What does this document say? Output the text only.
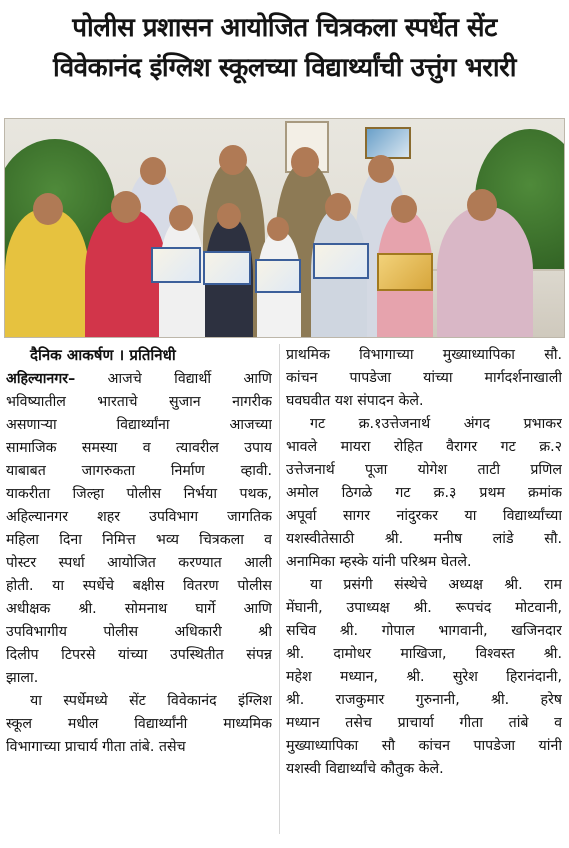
पोलीस प्रशासन आयोजित चित्रकला स्पर्धेत सेंट
विवेकानंद इंग्लिश स्कूलच्या विद्यार्थ्यांची उत्तुंग भरारी
दैनिक आकर्षण । प्रतिनिधी
अहिल्यानगर– आजचे विद्यार्थी आणि
भविष्यातील भारताचे सुजान नागरीक
असणाऱ्या विद्यार्थ्यांना आजच्या
सामाजिक समस्या व त्यावरील उपाय
याबाबत जागरुकता निर्माण व्हावी.
याकरीता जिल्हा पोलीस निर्भया पथक,
अहिल्यानगर शहर उपविभाग जागतिक
महिला दिना निमित्त भव्य चित्रकला व
पोस्टर स्पर्धा आयोजित करण्यात आली
होती. या स्पर्धेचे बक्षीस वितरण पोलीस
अधीक्षक श्री. सोमनाथ घार्गे आणि
उपविभागीय पोलीस अधिकारी श्री
दिलीप टिपरसे यांच्या उपस्थितीत संपन्न
झाला.
या स्पर्धेमध्ये सेंट विवेकानंद इंग्लिश
स्कूल मधील विद्यार्थ्यांनी माध्यमिक
विभागाच्या प्राचार्य गीता तांबे. तसेच
प्राथमिक विभागाच्या मुख्याध्यापिका सौ.
कांचन पापडेजा यांच्या मार्गदर्शनाखाली
घवघवीत यश संपादन केले.
गट क्र.१उत्तेजनार्थ अंगद प्रभाकर
भावले मायरा रोहित वैरागर गट क्र.२
उत्तेजनार्थ पूजा योगेश ताटी प्रणिल
अमोल ठिगळे गट क्र.३ प्रथम क्रमांक
अपूर्वा सागर नांदुरकर या विद्यार्थ्यांच्या
यशस्वीतेसाठी श्री. मनीष लांडे सौ.
अनामिका म्हस्के यांनी परिश्रम घेतले.
या प्रसंगी संस्थेचे अध्यक्ष श्री. राम
मेंघानी, उपाध्यक्ष श्री. रूपचंद मोटवानी,
सचिव श्री. गोपाल भागवानी, खजिनदार
श्री. दामोधर माखिजा, विश्वस्त श्री.
महेश मध्यान, श्री. सुरेश हिरानंदानी,
श्री. राजकुमार गुरुनानी, श्री. हरेष
मध्यान तसेच प्राचार्या गीता तांबे व
मुख्याध्यापिका सौ कांचन पापडेजा यांनी
यशस्वी विद्यार्थ्यांचे कौतुक केले.
